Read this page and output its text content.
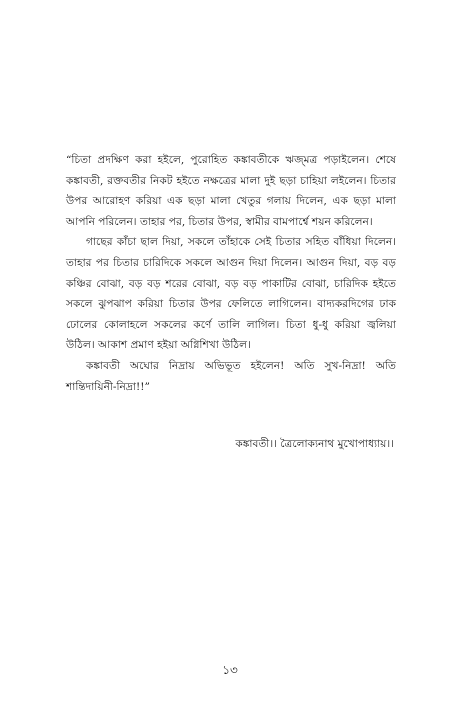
“চিতা প্রদক্ষিণ করা হইলে, পুরোহিত কঙ্কাবতীকে ঋজ্মত্র পড়াইলেন। শেষে কঙ্কাবতী, রক্তবতীর নিকট হইতে নক্ষত্রের মালা দুই ছড়া চাহিয়া লইলেন। চিতার উপর আরোহণ করিয়া এক ছড়া মালা খেতুর গলায় দিলেন, এক ছড়া মালা আপনি পরিলেন। তাহার পর, চিতার উপর, স্বামীর বামপার্শ্বে শয়ন করিলেন।

গাছের কাঁচা ছাল দিয়া, সকলে তাঁহাকে সেই চিতার সহিত বাঁধিয়া দিলেন। তাহার পর চিতার চারিদিকে সকলে আগুন দিয়া দিলেন। আগুন দিয়া, বড় বড় কঞ্চির বোঝা, বড় বড় শরের বোঝা, বড় বড় পাকাটির বোঝা, চারিদিক হইতে সকলে ঝুপঝাপ করিয়া চিতার উপর ফেলিতে লাগিলেন। বাদ্যকরদিগের ঢাক ঢোলের কোলাহলে সকলের কর্ণে তালি লাগিল। চিতা ধু-ধু করিয়া জ্বলিয়া উঠিল। আকাশ প্রমাণ হইয়া অগ্নিশিখা উঠিল।

কঙ্কাবতী অঘোর নিদ্রায় অভিভূত হইলেন! অতি সুখ-নিদ্রা! অতি শান্তিদায়িনী-নিদ্রা!!”

কঙ্কাবতী।। ত্রৈলোক্যনাথ মুখোপাধ্যায়।।
১৩
